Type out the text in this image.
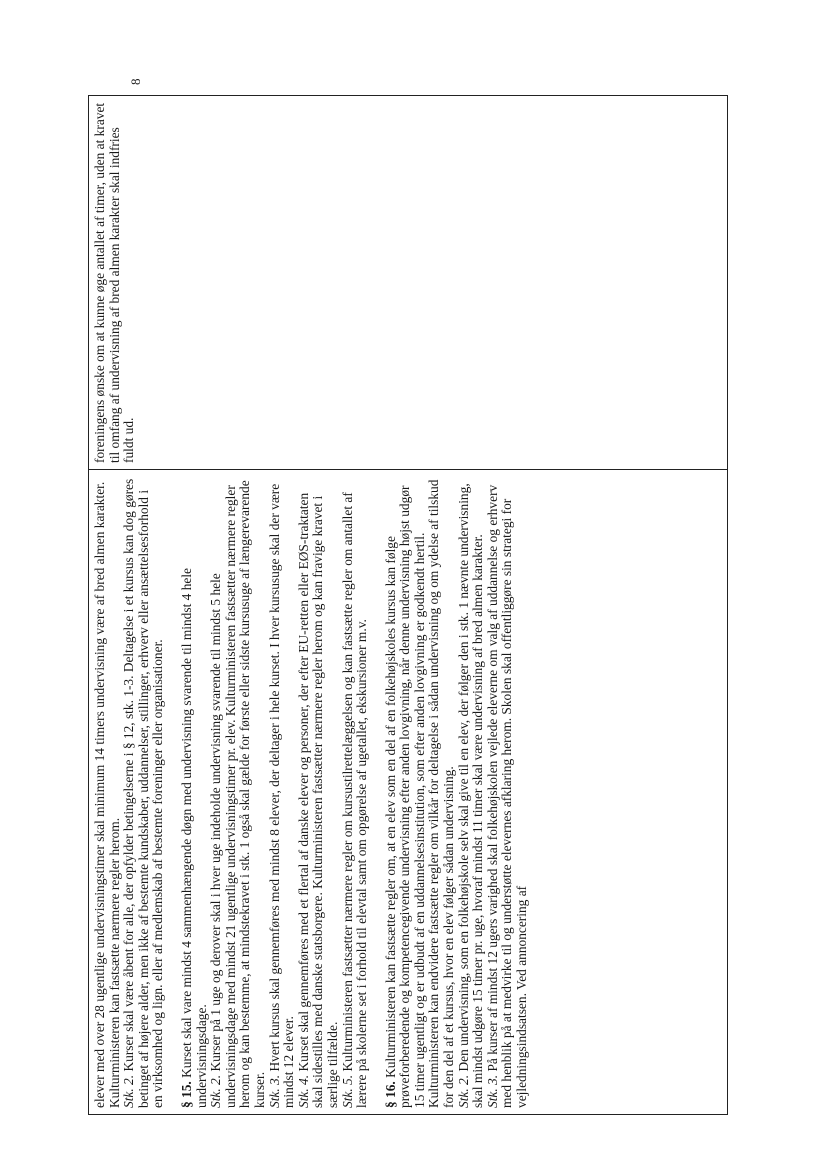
elever med over 28 ugentlige undervisningstimer skal minimum 14 timers undervisning være af bred almen karakter. Kulturministeren kan fastsætte nærmere regler herom. Stk. 2. Kurser skal være åbent for alle, der opfylder betingelserne i § 12, stk. 1-3. Deltagelse i et kursus kan dog gøres betinget af højere alder, men ikke af bestemte kundskaber, uddannelser, stillinger, erhverv eller ansættelsesforhold i en virksomhed og lign. eller af medlemskab af bestemte foreninger eller organisationer. § 15. Kurset skal vare mindst 4 sammenhængende døgn med undervisning svarende til mindst 4 hele undervisningsdage. Stk. 2. Kurser på 1 uge og derover skal i hver uge indeholde undervisning svarende til mindst 5 hele undervisningsdage med mindst 21 ugentlige undervisningstimer pr. elev. Kulturministeren fastsætter nærmere regler herom og kan bestemme, at mindstekravet i stk. 1 også skal gælde for første eller sidste kursusuge af længerevarende kurser. Stk. 3. Hvert kursus skal gennemføres med mindst 8 elever, der deltager i hele kurset. I hver kursusuge skal der være mindst 12 elever. Stk. 4. Kurset skal gennemføres med et flertal af danske elever og personer, der efter EU-retten eller EØS-traktaten skal sidestilles med danske statsborgere. Kulturministeren fastsætter nærmere regler herom og kan fravige kravet i særlige tilfælde. Stk. 5. Kulturministeren fastsætter nærmere regler om kursustilrettelæggelsen og kan fastsætte regler om antallet af lærere på skolerne set i forhold til elevtal samt om opgørelse af ugetallet, ekskursioner m.v. § 16. Kulturministeren kan fastsætte regler om, at en elev som en del af en folkehøjskoles kursus kan følge prøveforberedende og kompetencegivende undervisning efter anden lovgivning, når denne undervisning højst udgør 15 timer ugentligt og er udbudt af en uddannelsesinstitution, som efter anden lovgivning er godkendt hertil. Kulturministeren kan endvidere fastsætte regler om vilkår for deltagelse i sådan undervisning og om ydelse af tilskud for den del af et kursus, hvor en elev følger sådan undervisning. Stk. 2. Den undervisning, som en folkehøjskole selv skal give til en elev, der følger den i stk. 1 nævnte undervisning, skal mindst udgøre 15 timer pr. uge, hvoraf mindst 11 timer skal være undervisning af bred almen karakter. Stk. 3. På kurser af mindst 12 ugers varighed skal folkehøjskolen vejlede eleverne om valg af uddannelse og erhverv med henblik på at medvirke til og understøtte elevernes afklaring herom. Skolen skal offentliggøre sin strategi for vejledningsindsatsen. Ved annoncering af

foreningens ønske om at kunne øge antallet af timer, uden at kravet til omfang af undervisning af bred almen karakter skal indfries fuldt ud.

8
